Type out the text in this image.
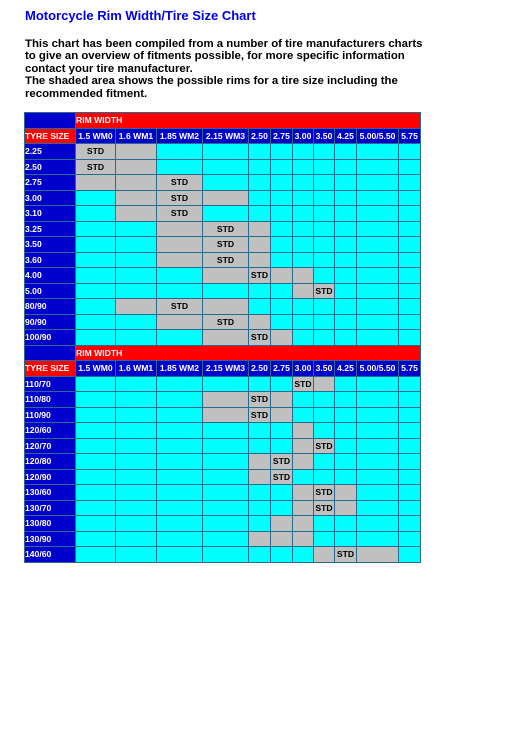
Motorcycle Rim Width/Tire Size Chart
This chart has been compiled from a number of tire manufacturers charts
to give an overview of fitments possible, for more specific information
contact your tire manufacturer.
The shaded area shows the possible rims for a tire size including the
recommended fitment.
	RIM WIDTH										
TYRE SIZE	1.5 WM0	1.6 WM1	1.85 WM2	2.15 WM3	2.50	2.75	3.00	3.50	4.25	5.00/5.50	5.75
2.25	STD										
2.50	STD										
2.75			STD								
3.00			STD								
3.10			STD								
3.25				STD							
3.50				STD							
3.60				STD							
4.00					STD						
5.00								STD			
80/90			STD								
90/90				STD							
100/90					STD						
	RIM WIDTH										
TYRE SIZE	1.5 WM0	1.6 WM1	1.85 WM2	2.15 WM3	2.50	2.75	3.00	3.50	4.25	5.00/5.50	5.75
110/70							STD				
110/80					STD						
110/90					STD						
120/60											
120/70								STD			
120/80						STD					
120/90						STD					
130/60								STD			
130/70								STD			
130/80											
130/90											
140/60									STD		
